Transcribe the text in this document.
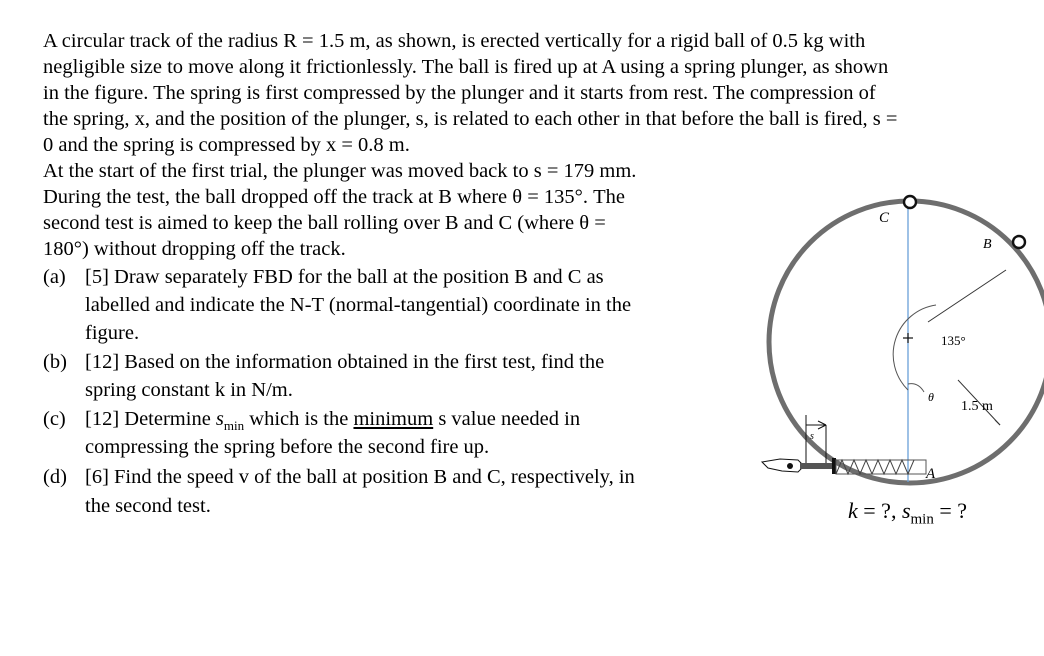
A circular track of the radius R = 1.5 m, as shown, is erected vertically for a rigid ball of 0.5 kg with
negligible size to move along it frictionlessly. The ball is fired up at A using a spring plunger, as shown
in the figure. The spring is first compressed by the plunger and it starts from rest. The compression of
the spring, x, and the position of the plunger, s, is related to each other in that before the ball is fired, s =
0 and the spring is compressed by x = 0.8 m.
At the start of the first trial, the plunger was moved back to s = 179 mm.
During the test, the ball dropped off the track at B where θ = 135°. The
second test is aimed to keep the ball rolling over B and C (where θ =
180°) without dropping off the track.
(a) [5] Draw separately FBD for the ball at the position B and C as
labelled and indicate the N-T (normal-tangential) coordinate in the
figure.
(b) [12] Based on the information obtained in the first test, find the
spring constant k in N/m.
(c) [12] Determine $s_{min}$ which is the minimum s value needed in
compressing the spring before the second fire up.
(d) [6] Find the speed v of the ball at position B and C, respectively, in
the second test.
C
B
A
135°
θ
1.5 m
s
k = ?, $s_{min}$ = ?
